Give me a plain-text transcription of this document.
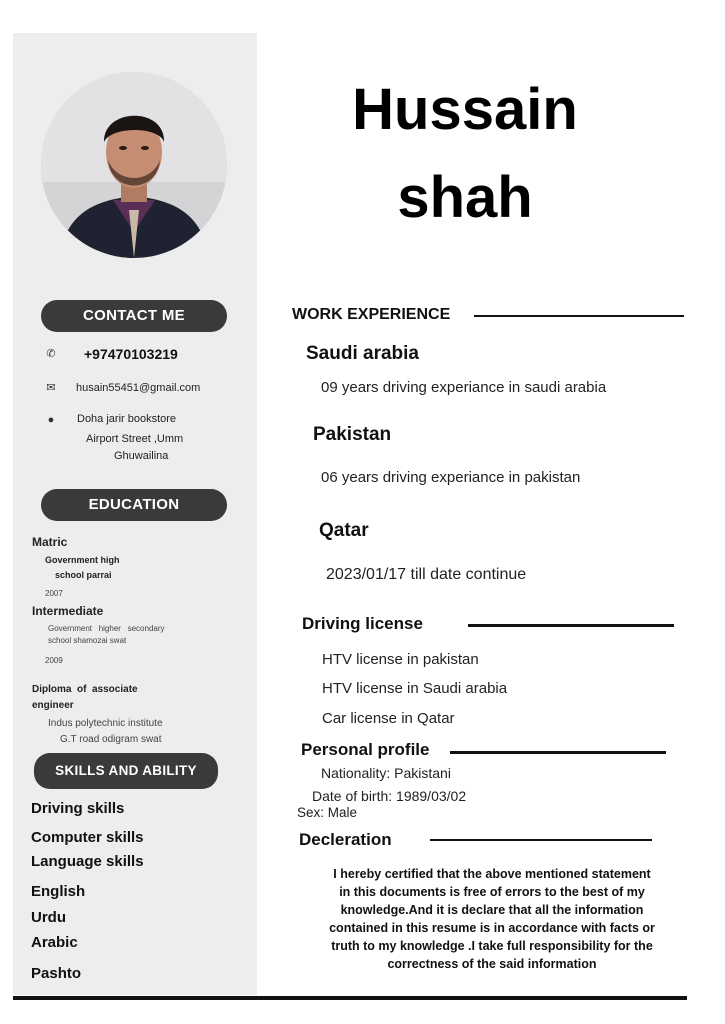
Hussain
shah
CONTACT ME
✆ +97470103219
✉ husain55451@gmail.com
●	Doha jarir bookstore
Airport Street ,Umm
Ghuwailina
EDUCATION
Matric
Government high
school parrai
2007
Intermediate
Government   higher   secondary
school shamozai swat
2009
Diploma  of  associate
engineer
Indus polytechnic institute
G.T road odigram swat
SKILLS AND ABILITY
Driving skills
Computer skills
Language skills
English
Urdu
Arabic
Pashto
WORK EXPERIENCE
Saudi arabia
09 years driving experiance in saudi arabia
Pakistan
06 years driving experiance in pakistan
Qatar
2023/01/17 till date continue
Driving license
HTV license in pakistan
HTV license in Saudi arabia
Car license in Qatar
Personal profile
Nationality: Pakistani
Date of birth: 1989/03/02
Sex: Male
Decleration
I hereby certified that the above mentioned statement
in this documents is free of errors to the best of my
knowledge.And it is declare that all the information
contained in this resume is in accordance with facts or
truth to my knowledge .I take full responsibility for the
correctness of the said information
